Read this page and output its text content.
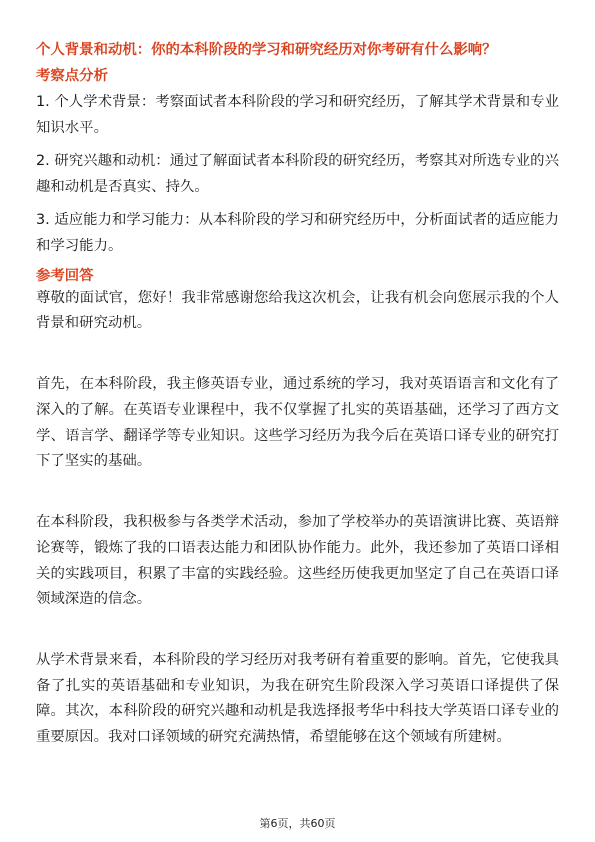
个人背景和动机：你的本科阶段的学习和研究经历对你考研有什么影响？

考察点分析

1. 个人学术背景：考察面试者本科阶段的学习和研究经历，了解其学术背景和专业知识水平。

2. 研究兴趣和动机：通过了解面试者本科阶段的研究经历，考察其对所选专业的兴趣和动机是否真实、持久。

3. 适应能力和学习能力：从本科阶段的学习和研究经历中，分析面试者的适应能力和学习能力。

参考回答

尊敬的面试官，您好！我非常感谢您给我这次机会，让我有机会向您展示我的个人背景和研究动机。

首先，在本科阶段，我主修英语专业，通过系统的学习，我对英语语言和文化有了深入的了解。在英语专业课程中，我不仅掌握了扎实的英语基础，还学习了西方文学、语言学、翻译学等专业知识。这些学习经历为我今后在英语口译专业的研究打下了坚实的基础。

在本科阶段，我积极参与各类学术活动，参加了学校举办的英语演讲比赛、英语辩论赛等，锻炼了我的口语表达能力和团队协作能力。此外，我还参加了英语口译相关的实践项目，积累了丰富的实践经验。这些经历使我更加坚定了自己在英语口译领域深造的信念。

从学术背景来看，本科阶段的学习经历对我考研有着重要的影响。首先，它使我具备了扎实的英语基础和专业知识，为我在研究生阶段深入学习英语口译提供了保障。其次，本科阶段的研究兴趣和动机是我选择报考华中科技大学英语口译专业的重要原因。我对口译领域的研究充满热情，希望能够在这个领域有所建树。

第6页，共60页
